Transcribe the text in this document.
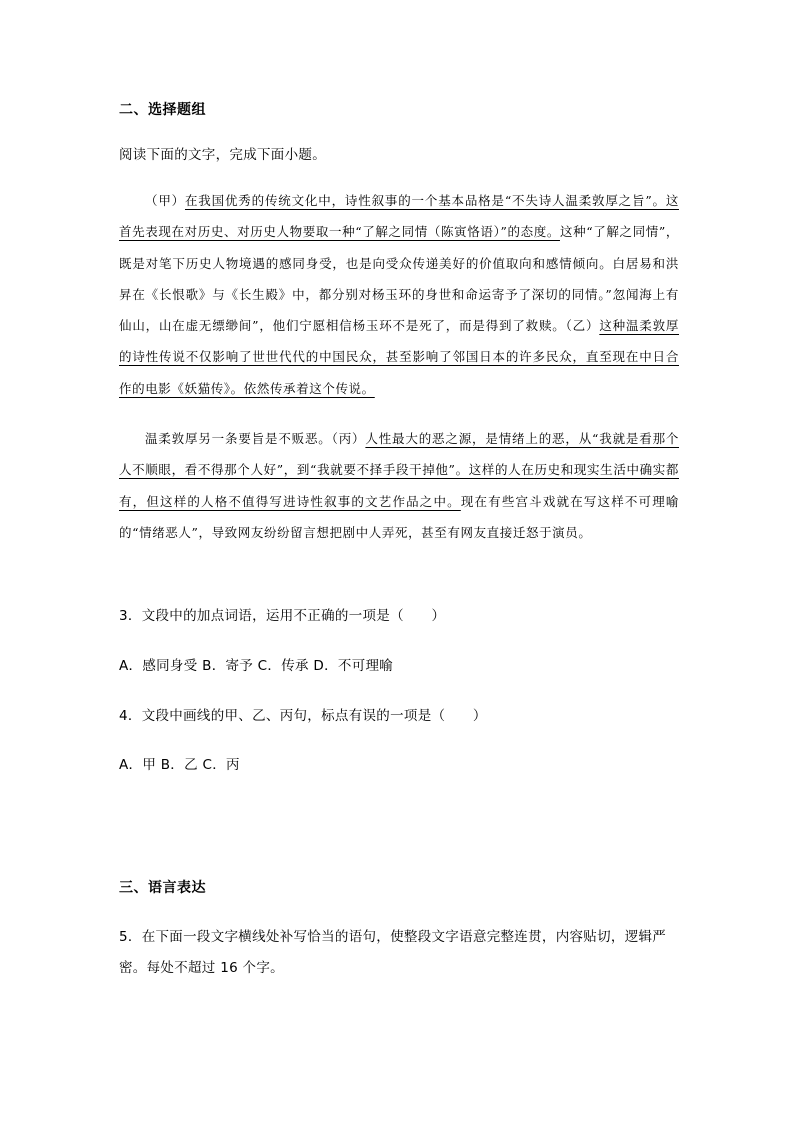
二、选择题组
阅读下面的文字，完成下面小题。
（甲）在我国优秀的传统文化中，诗性叙事的一个基本品格是“不失诗人温柔敦厚之旨”。这首先表现在对历史、对历史人物要取一种“了解之同情（陈寅恪语）”的态度。这种“了解之同情”，既是对笔下历史人物境遇的感同身受，也是向受众传递美好的价值取向和感情倾向。白居易和洪昇在《长恨歌》与《长生殿》中，都分别对杨玉环的身世和命运寄予了深切的同情。”忽闻海上有仙山，山在虚无缥缈间”，他们宁愿相信杨玉环不是死了，而是得到了救赎。（乙）这种温柔敦厚的诗性传说不仅影响了世世代代的中国民众，甚至影响了邻国日本的许多民众，直至现在中日合作的电影《妖猫传》。依然传承着这个传说。
温柔敦厚另一条要旨是不贩恶。（丙）人性最大的恶之源，是情绪上的恶，从“我就是看那个人不顺眼，看不得那个人好”，到“我就要不择手段干掉他”。这样的人在历史和现实生活中确实都有，但这样的人格不值得写进诗性叙事的文艺作品之中。现在有些宫斗戏就在写这样不可理喻的“情绪恶人”，导致网友纷纷留言想把剧中人弄死，甚至有网友直接迁怒于演员。
3．文段中的加点词语，运用不正确的一项是（　　）
A．感同身受 B．寄予 C．传承 D．不可理喻
4．文段中画线的甲、乙、丙句，标点有误的一项是（　　）
A．甲 B．乙 C．丙
三、语言表达
5．在下面一段文字横线处补写恰当的语句，使整段文字语意完整连贯，内容贴切，逻辑严密。每处不超过 16 个字。
